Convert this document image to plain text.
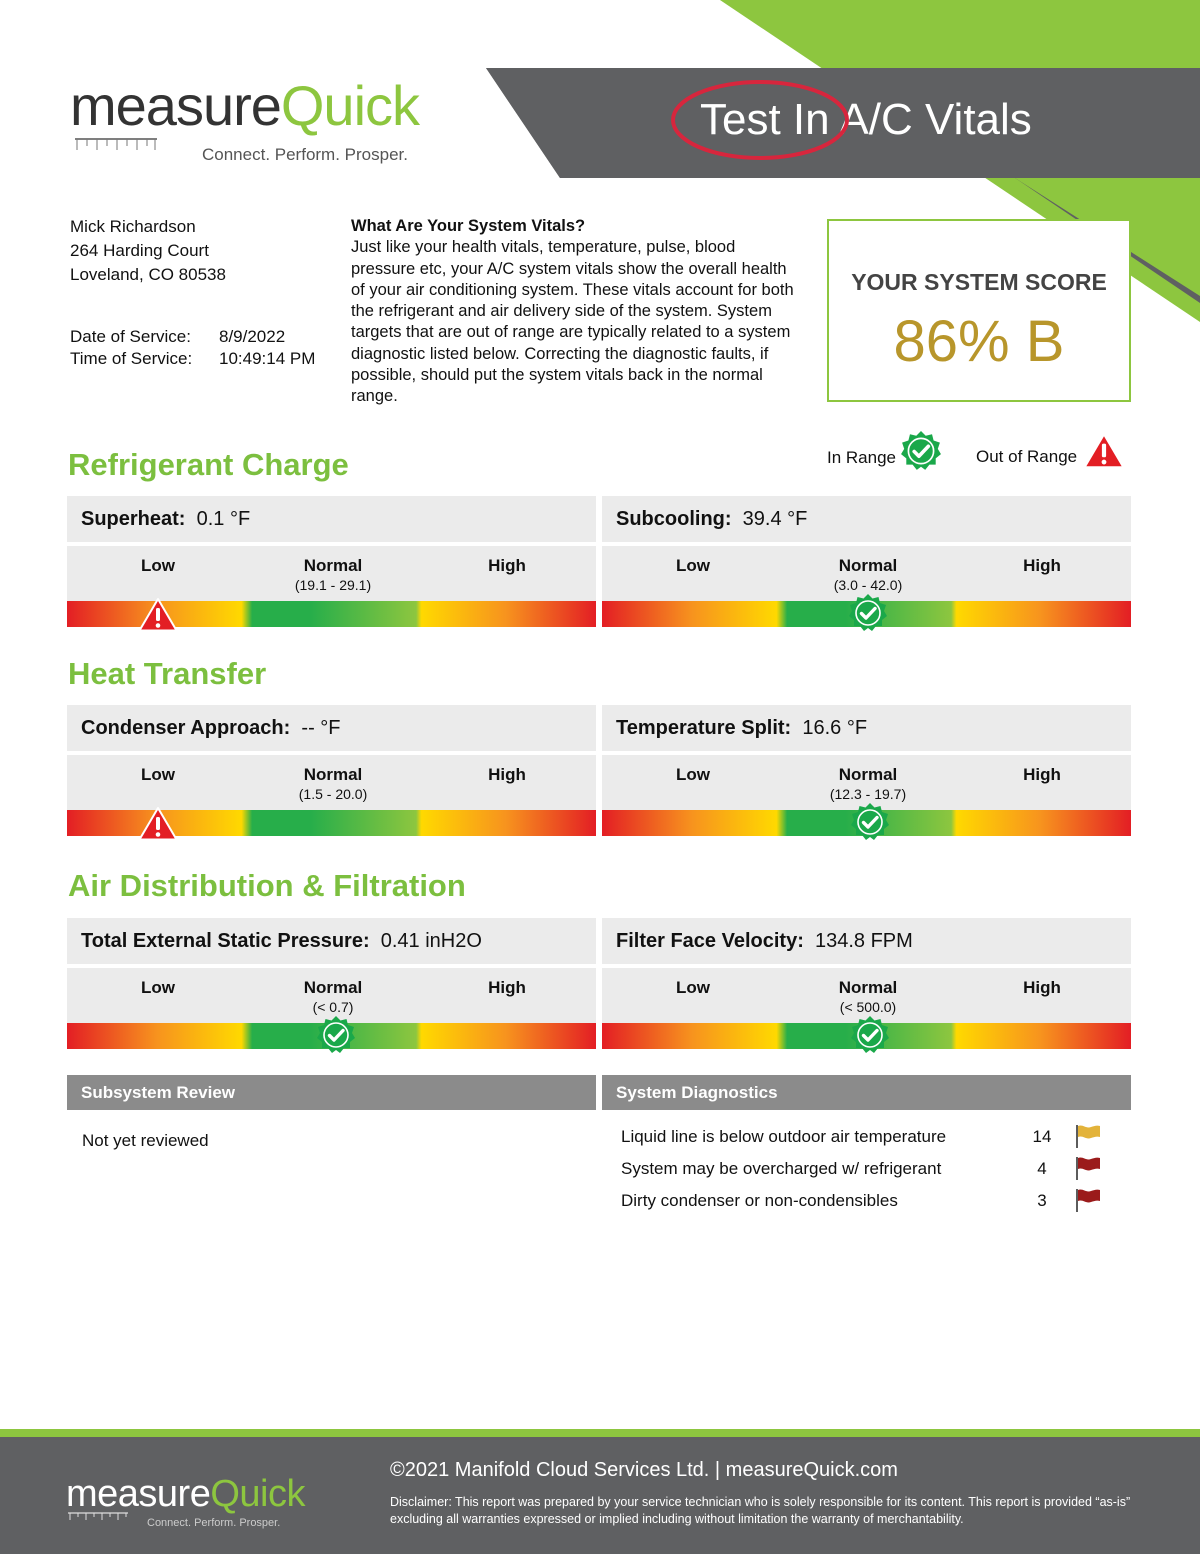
measureQuick
Connect. Perform. Prosper.
Test In A/C Vitals
Mick Richardson
264 Harding Court
Loveland, CO 80538
Date of Service:	8/9/2022
Time of Service:	10:49:14 PM
What Are Your System Vitals?

Just like your health vitals, temperature, pulse, blood pressure etc, your A/C system vitals show the overall health of your air conditioning system. These vitals account for both the refrigerant and air delivery side of the system. System targets that are out of range are typically related to a system diagnostic listed below. Correcting the diagnostic faults, if possible, should put the system vitals back in the normal range.

YOUR SYSTEM SCORE
86% B
In Range	Out of Range
Refrigerant Charge
Heat Transfer
Air Distribution & Filtration
Superheat: 0.1 °F
Low	Normal
(19.1 - 29.1)
High
Subcooling: 39.4 °F
Low	Normal
(3.0 - 42.0)
High
Condenser Approach: -- °F
Low	Normal
(1.5 - 20.0)
High
Temperature Split: 16.6 °F
Low	Normal
(12.3 - 19.7)
High
Total External Static Pressure: 0.41 inH2O
Low	Normal
(< 0.7)
High
Filter Face Velocity: 134.8 FPM
Low	Normal
(< 500.0)
High
Subsystem Review	System Diagnostics
Not yet reviewed	Liquid line is below outdoor air temperature	14
System may be overcharged w/ refrigerant	4
Dirty condenser or non-condensibles	3
measureQuick
Connect. Perform. Prosper.
©2021 Manifold Cloud Services Ltd. | measureQuick.com
Disclaimer: This report was prepared by your service technician who is solely responsible for its content. This report is provided “as-is” excluding all warranties expressed or implied including without limitation the warranty of merchantability.
